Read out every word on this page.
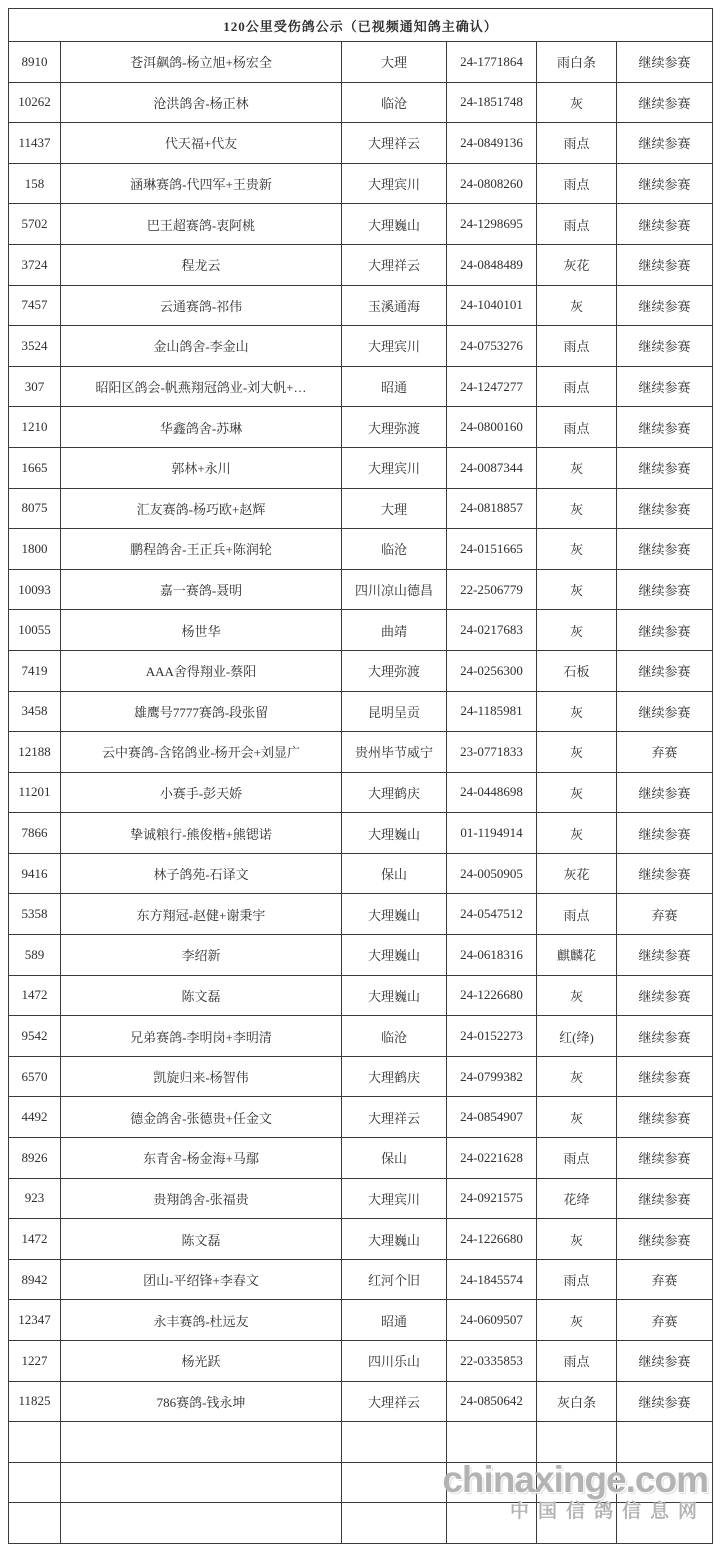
120公里受伤鸽公示（已视频通知鸽主确认）					
8910	苍洱飙鸽-杨立旭+杨宏全	大理	24-1771864	雨白条	继续参赛
10262	沧洪鸽舍-杨正林	临沧	24-1851748	灰	继续参赛
11437	代天福+代友	大理祥云	24-0849136	雨点	继续参赛
158	涵琳赛鸽-代四军+王贵新	大理宾川	24-0808260	雨点	继续参赛
5702	巴王超赛鸽-衷阿桃	大理巍山	24-1298695	雨点	继续参赛
3724	程龙云	大理祥云	24-0848489	灰花	继续参赛
7457	云通赛鸽-祁伟	玉溪通海	24-1040101	灰	继续参赛
3524	金山鸽舍-李金山	大理宾川	24-0753276	雨点	继续参赛
307	昭阳区鸽会-帆燕翔冠鸽业-刘大帆+…	昭通	24-1247277	雨点	继续参赛
1210	华鑫鸽舍-苏琳	大理弥渡	24-0800160	雨点	继续参赛
1665	郭林+永川	大理宾川	24-0087344	灰	继续参赛
8075	汇友赛鸽-杨巧欧+赵辉	大理	24-0818857	灰	继续参赛
1800	鹏程鸽舍-王正兵+陈润轮	临沧	24-0151665	灰	继续参赛
10093	嘉一赛鸽-聂明	四川凉山德昌	22-2506779	灰	继续参赛
10055	杨世华	曲靖	24-0217683	灰	继续参赛
7419	AAA舍得翔业-蔡阳	大理弥渡	24-0256300	石板	继续参赛
3458	雄鹰号7777赛鸽-段张留	昆明呈贡	24-1185981	灰	继续参赛
12188	云中赛鸽-含铭鸽业-杨开会+刘显广	贵州毕节威宁	23-0771833	灰	弃赛
11201	小赛手-彭天娇	大理鹤庆	24-0448698	灰	继续参赛
7866	挚诚粮行-熊俊楷+熊锶诺	大理巍山	01-1194914	灰	继续参赛
9416	林子鸽苑-石译文	保山	24-0050905	灰花	继续参赛
5358	东方翔冠-赵健+谢秉宇	大理巍山	24-0547512	雨点	弃赛
589	李绍新	大理巍山	24-0618316	麒麟花	继续参赛
1472	陈文磊	大理巍山	24-1226680	灰	继续参赛
9542	兄弟赛鸽-李明岗+李明清	临沧	24-0152273	红(绛)	继续参赛
6570	凯旋归来-杨智伟	大理鹤庆	24-0799382	灰	继续参赛
4492	德金鸽舍-张德贵+任金文	大理祥云	24-0854907	灰	继续参赛
8926	东青舍-杨金海+马鄢	保山	24-0221628	雨点	继续参赛
923	贵翔鸽舍-张福贵	大理宾川	24-0921575	花绛	继续参赛
1472	陈文磊	大理巍山	24-1226680	灰	继续参赛
8942	团山-平绍锋+李春文	红河个旧	24-1845574	雨点	弃赛
12347	永丰赛鸽-杜远友	昭通	24-0609507	灰	弃赛
1227	杨光跃	四川乐山	22-0335853	雨点	继续参赛
11825	786赛鸽-钱永坤	大理祥云	24-0850642	灰白条	继续参赛

chinaxinge.com
中国信鸽信息网
